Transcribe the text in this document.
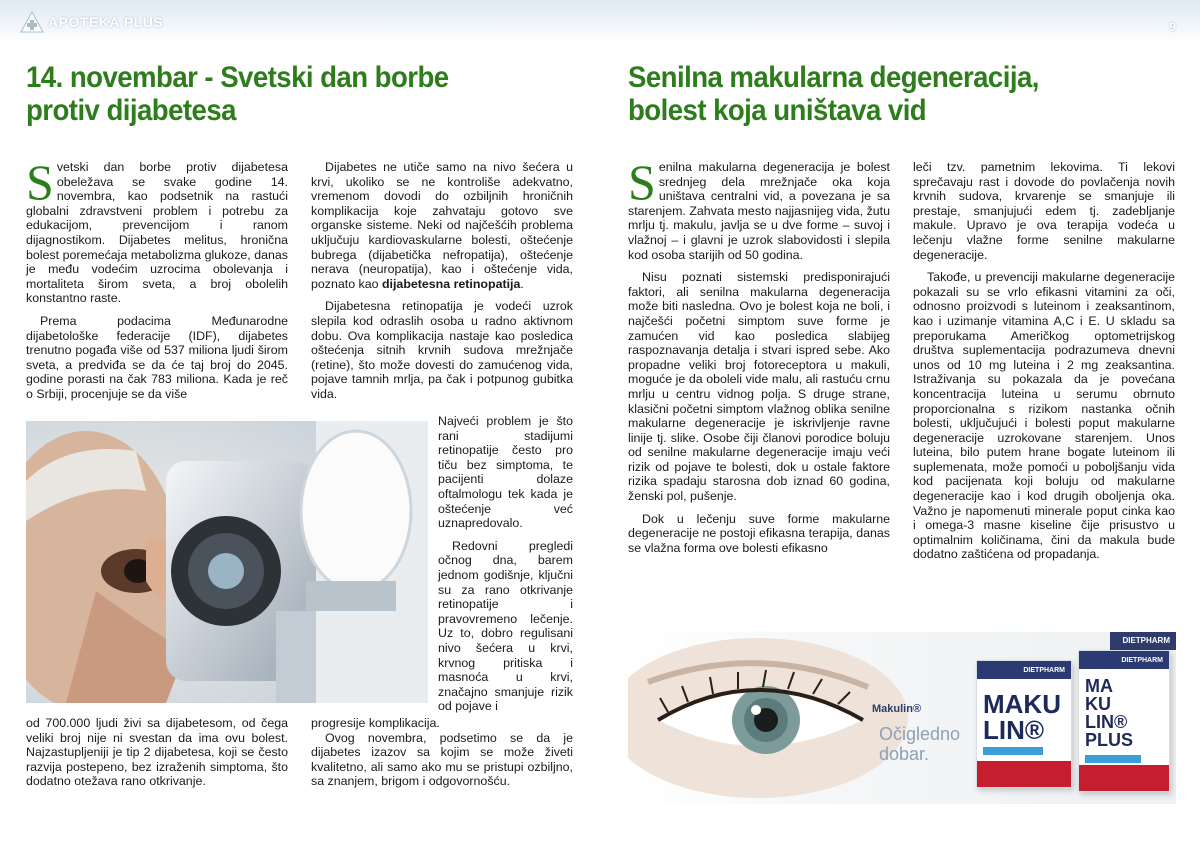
APOTEKA PLUS	9
14. novembar - Svetski dan borbe protiv dijabetesa
Senilna makularna degeneracija, bolest koja uništava vid

Svetski dan borbe protiv dijabetesa obeležava se svake godine 14. novembra, kao podsetnik na rastući globalni zdravstveni problem i potrebu za edukacijom, prevencijom i ranom dijagnostikom. Dijabetes melitus, hronična bolest poremećaja metabolizma glukoze, danas je među vodećim uzrocima obolevanja i mortaliteta širom sveta, a broj obolelih konstantno raste.

Prema podacima Međunarodne dijabetološke federacije (IDF), dijabetes trenutno pogađa više od 537 miliona ljudi širom sveta, a predviđa se da će taj broj do 2045. godine porasti na čak 783 miliona. Kada je reč o Srbiji, procenjuje se da više

od 700.000 ljudi živi sa dijabetesom, od čega veliki broj nije ni svestan da ima ovu bolest. Najzastupljeniji je tip 2 dijabetesa, koji se često razvija postepeno, bez izraženih simptoma, što dodatno otežava rano otkrivanje.

Dijabetes ne utiče samo na nivo šećera u krvi, ukoliko se ne kontroliše adekvatno, vremenom dovodi do ozbiljnih hroničnih komplikacija koje zahvataju gotovo sve organske sisteme. Neki od najčešćih problema uključuju kardiovaskularne bolesti, oštećenje bubrega (dijabetička nefropatija), oštećenje nerava (neuropatija), kao i oštećenje vida, poznato kao dijabetesna retinopatija.

Dijabetesna retinopatija je vodeći uzrok slepila kod odraslih osoba u radno aktivnom dobu. Ova komplikacija nastaje kao posledica oštećenja sitnih krvnih sudova mrežnjače (retine), što može dovesti do zamućenog vida, pojave tamnih mrlja, pa čak i potpunog gubitka vida.

Najveći problem je što rani stadijumi retinopatije često pro tiču bez simptoma, te pacijenti dolaze oftalmologu tek kada je oštećenje već uznapredovalo.

Redovni pregledi očnog dna, barem jednom godišnje, ključni su za rano otkrivanje retinopatije i pravovremeno lečenje. Uz to, dobro regulisani nivo šećera u krvi, krvnog pritiska i masnoća u krvi, značajno smanjuje rizik od pojave i

progresije komplikacija.

Ovog novembra, podsetimo se da je dijabetes izazov sa kojim se može živeti kvalitetno, ali samo ako mu se pristupi ozbiljno, sa znanjem, brigom i odgovornošću.

Senilna makularna degeneracija je bolest srednjeg dela mrežnjače oka koja uništava centralni vid, a povezana je sa starenjem. Zahvata mesto najjasnijeg vida, žutu mrlju tj. makulu, javlja se u dve forme – suvoj i vlažnoj – i glavni je uzrok slabovidosti i slepila kod osoba starijih od 50 godina.

Nisu poznati sistemski predisponirajući faktori, ali senilna makularna degeneracija može biti nasledna. Ovo je bolest koja ne boli, i najčešći početni simptom suve forme je zamućen vid kao posledica slabijeg raspoznavanja detalja i stvari ispred sebe. Ako propadne veliki broj fotoreceptora u makuli, moguće je da oboleli vide malu, ali rastuću crnu mrlju u centru vidnog polja. S druge strane, klasični početni simptom vlažnog oblika senilne makularne degeneracije je iskrivljenje ravne linije tj. slike. Osobe čiji članovi porodice boluju od senilne makularne degeneracije imaju veći rizik od pojave te bolesti, dok u ostale faktore rizika spadaju starosna dob iznad 60 godina, ženski pol, pušenje.

Dok u lečenju suve forme makularne degeneracije ne postoji efikasna terapija, danas se vlažna forma ove bolesti efikasno

leči tzv. pametnim lekovima. Ti lekovi sprečavaju rast i dovode do povlačenja novih krvnih sudova, krvarenje se smanjuje ili prestaje, smanjujući edem tj. zadebljanje makule. Upravo je ova terapija vodeća u lečenju vlažne forme senilne makularne degeneracije.

Takođe, u prevenciji makularne degeneracije pokazali su se vrlo efikasni vitamini za oči, odnosno proizvodi s luteinom i zeaksantinom, kao i uzimanje vitamina A,C i E. U skladu sa preporukama Američkog optometrijskog društva suplementacija podrazumeva dnevni unos od 10 mg luteina i 2 mg zeaksantina. Istraživanja su pokazala da je povećana koncentracija luteina u serumu obrnuto proporcionalna s rizikom nastanka očnih bolesti, uključujući i bolesti poput makularne degeneracije uzrokovane starenjem. Unos luteina, bilo putem hrane bogate luteinom ili suplemenata, može pomoći u poboljšanju vida kod pacijenata koji boluju od makularne degeneracije kao i kod drugih oboljenja oka. Važno je napomenuti minerale poput cinka kao i omega-3 masne kiseline čije prisustvo u optimalnim količinama, čini da makula bude dodatno zaštićena od propadanja.

DIETPHARM
Makulin®
Očigledno dobar.
DIETPHARM
MAKU
LIN®
DIETPHARM
MA
KU
LIN®
PLUS
